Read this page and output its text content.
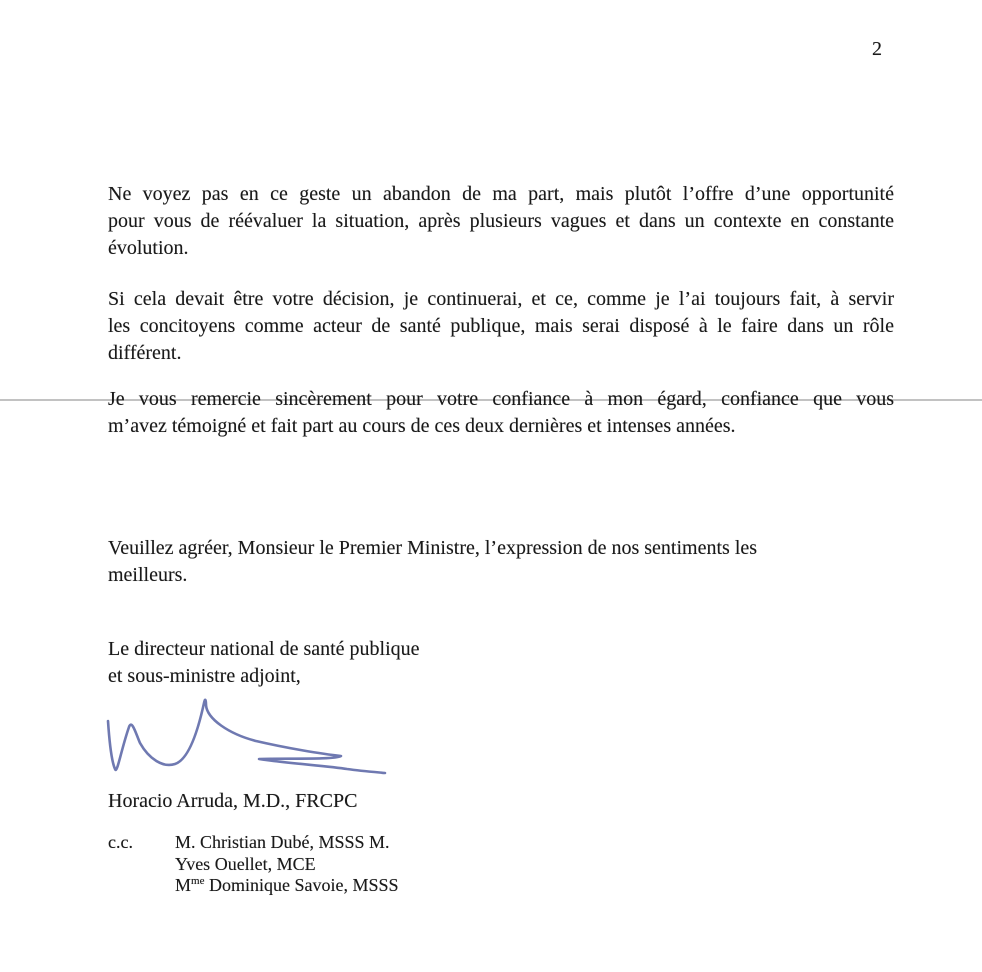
2
Ne voyez pas en ce geste un abandon de ma part, mais plutôt l’offre d’une opportunité
pour vous de réévaluer la situation, après plusieurs vagues et dans un contexte en constante
évolution.
Si cela devait être votre décision, je continuerai, et ce, comme je l’ai toujours fait, à servir
les concitoyens comme acteur de santé publique, mais serai disposé à le faire dans un rôle
différent.
Je vous remercie sincèrement pour votre confiance à mon égard, confiance que vous
m’avez témoigné et fait part au cours de ces deux dernières et intenses années.
Veuillez agréer, Monsieur le Premier Ministre, l’expression de nos sentiments les
meilleurs.
Le directeur national de santé publique
et sous-ministre adjoint,
Horacio Arruda, M.D., FRCPC
c.c.	M. Christian Dubé, MSSS M.
Yves Ouellet, MCE
$M^{me}$ Dominique Savoie, MSSS
